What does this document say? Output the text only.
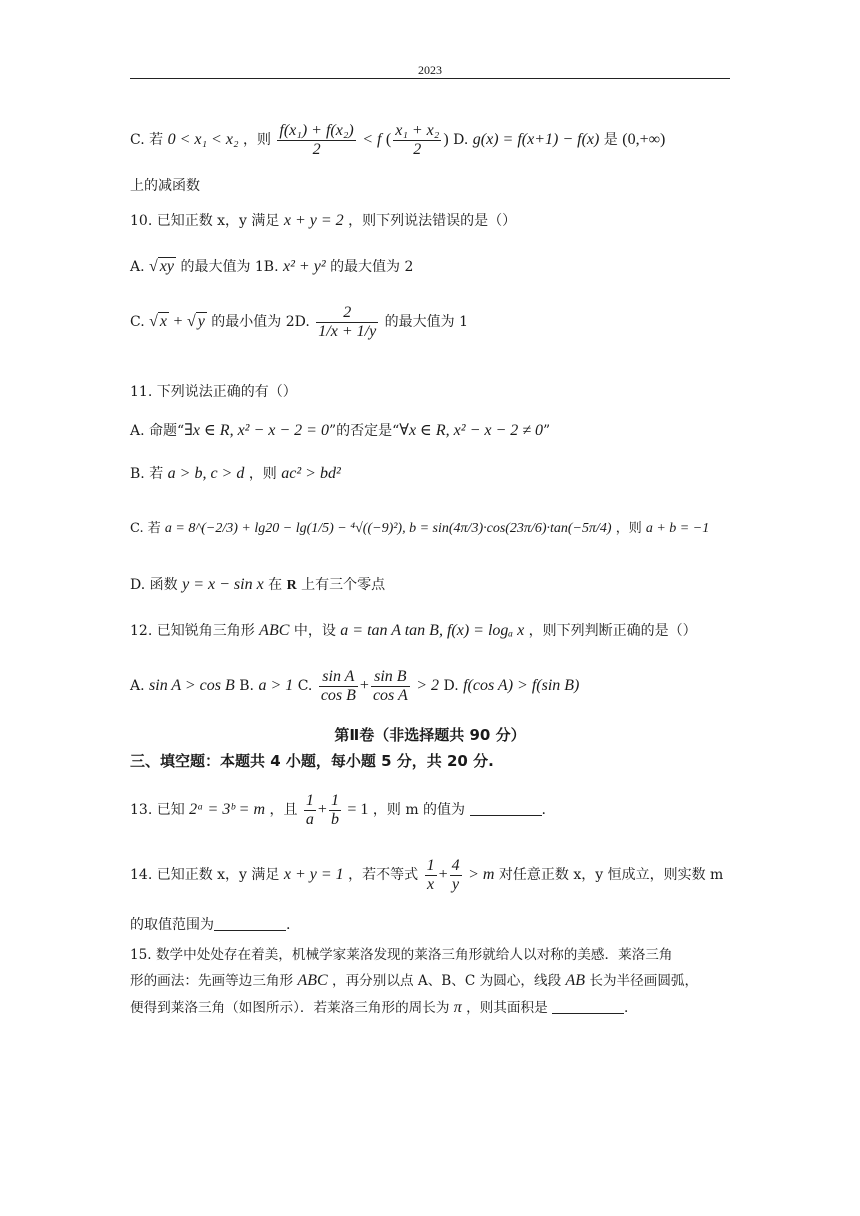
2023
C. 若 0 < x₁ < x₂ ，则 $\frac{\text{f(x₁) + f(x₂)}}{2} < f$ ( $\frac{\text{x₁ + x₂}}{2}$ ) D. g(x) = f(x+1) − f(x) 是 (0,+∞)
上的减函数
10. 已知正数 x，y 满足 x + y = 2 ，则下列说法错误的是（）
A. √ xy 的最大值为 1B. x² + y² 的最大值为 2
C. √ x + √ y 的最小值为 2D. $\frac{2}{1/x + 1/y}$ 的最大值为 1
11. 下列说法正确的有（）
A. 命题“∃x ∈ R, x² − x − 2 = 0”的否定是“∀x ∈ R, x² − x − 2 ≠ 0”
B. 若 a > b, c > d ，则 ac² > bd²
C. 若 a = 8^(−2/3) + lg20 − lg(1/5) − ⁴√((−9)²), b = sin(4π/3)·cos(23π/6)·tan(−5π/4) ，则 a + b = −1
D. 函数 y = x − sin x 在 R 上有三个零点
12. 已知锐角三角形 ABC 中，设 a = tan A tan B, f(x) = logₐ x ，则下列判断正确的是（）
A. sin A > cos B B. a > 1 C. $\frac{\text{sin A}}{\text{cos B}} + \frac{\text{sin B}}{\text{cos A}} > 2$ D. f(cos A) > f(sin B)
第Ⅱ卷（非选择题共 90 分）
三、填空题：本题共 4 小题，每小题 5 分，共 20 分.
13. 已知 2ᵃ = 3ᵇ = m ，且 $\frac{1}{a} + \frac{1}{b} = 1$ ，则 m 的值为	.
14. 已知正数 x，y 满足 x + y = 1 ，若不等式 $\frac{1}{x} + \frac{4}{y} > m$ 对任意正数 x，y 恒成立，则实数 m
的取值范围为	.
15. 数学中处处存在着美，机械学家莱洛发现的莱洛三角形就给人以对称的美感．莱洛三角
形的画法：先画等边三角形 ABC ，再分别以点 A、B、C 为圆心，线段 AB 长为半径画圆弧，
便得到莱洛三角（如图所示）．若莱洛三角形的周长为 π ，则其面积是	.
